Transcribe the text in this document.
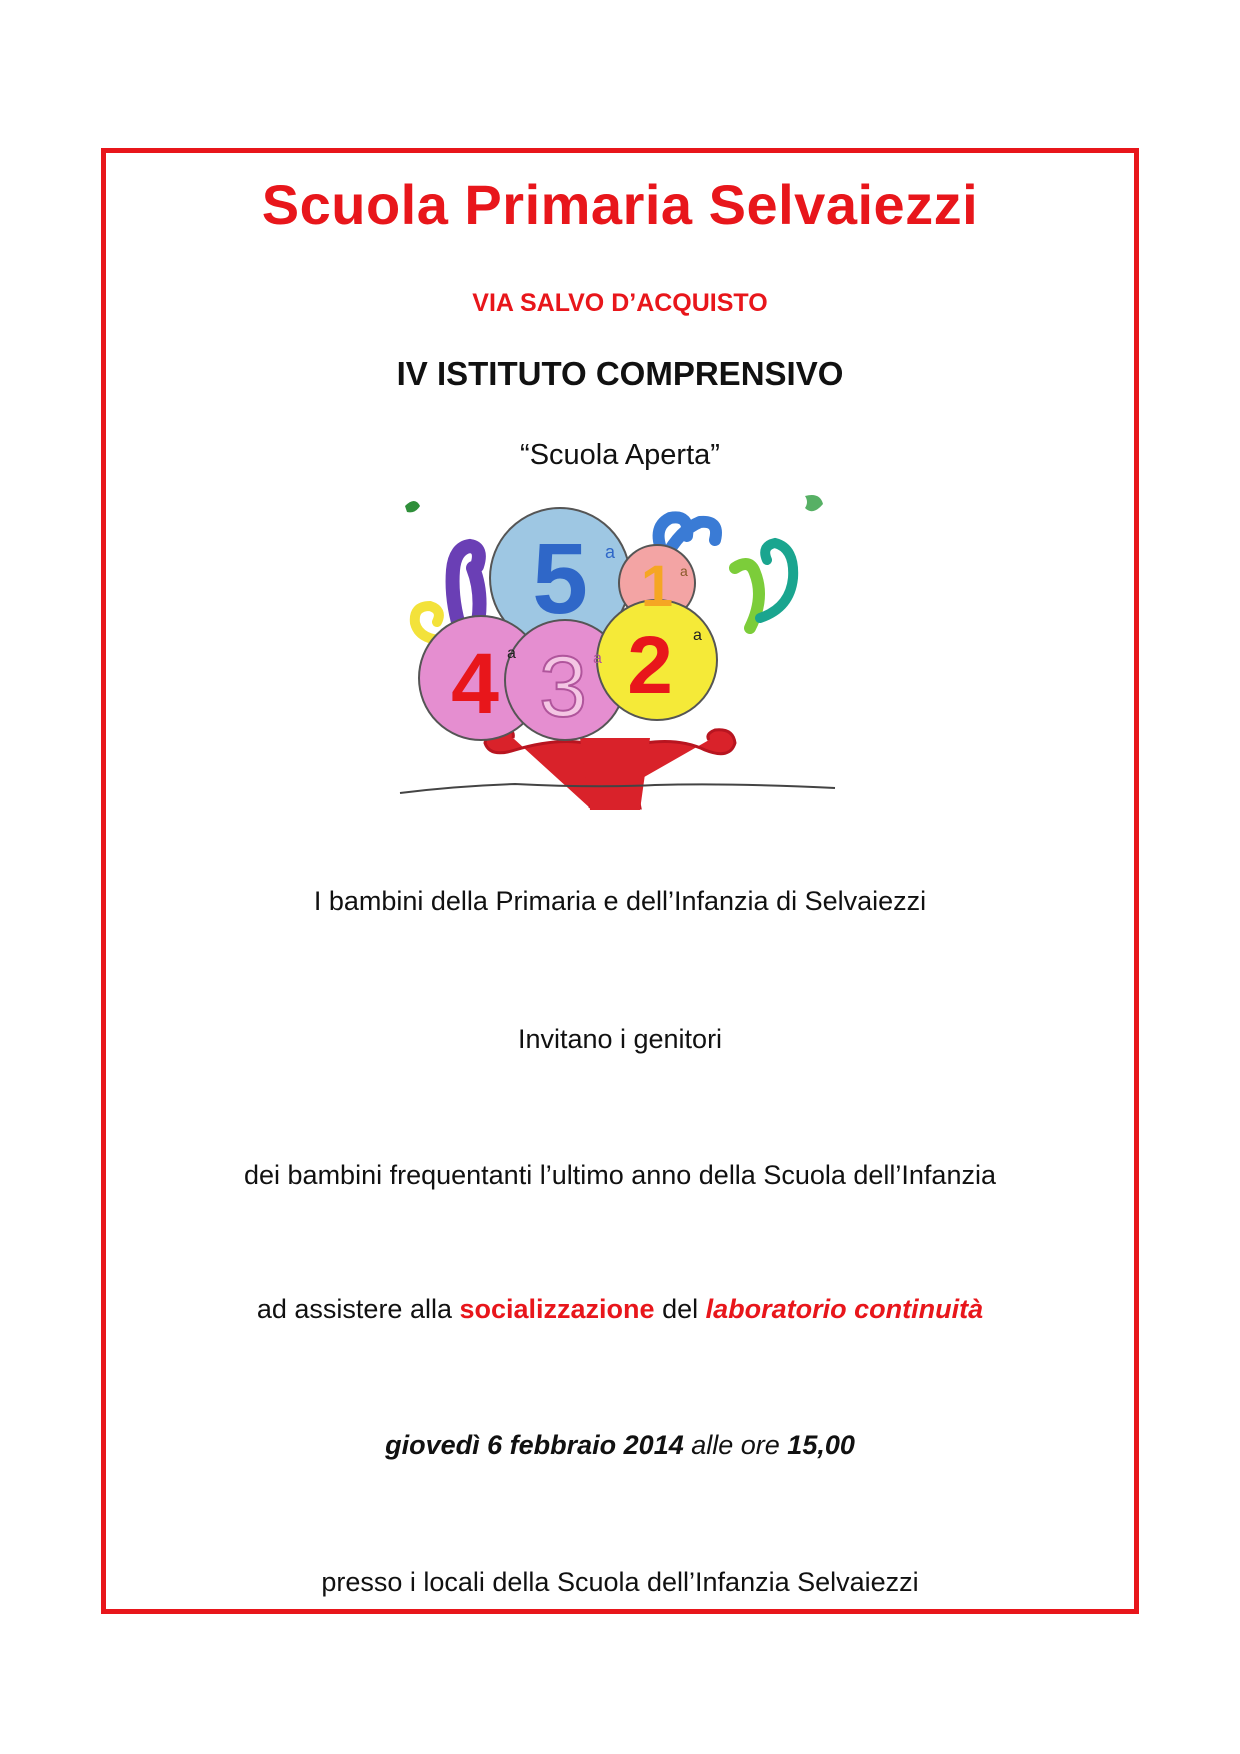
Scuola Primaria Selvaiezzi
VIA SALVO D’ACQUISTO
IV ISTITUTO COMPRENSIVO
“Scuola Aperta”
5 1
4 3 2
a
a
a	a
a
I bambini della Primaria e dell’Infanzia di Selvaiezzi
Invitano i genitori
dei bambini frequentanti l’ultimo anno della Scuola dell’Infanzia
ad assistere alla socializzazione del laboratorio continuità
giovedì 6 febbraio 2014 alle ore 15,00
presso i locali della Scuola dell’Infanzia Selvaiezzi
